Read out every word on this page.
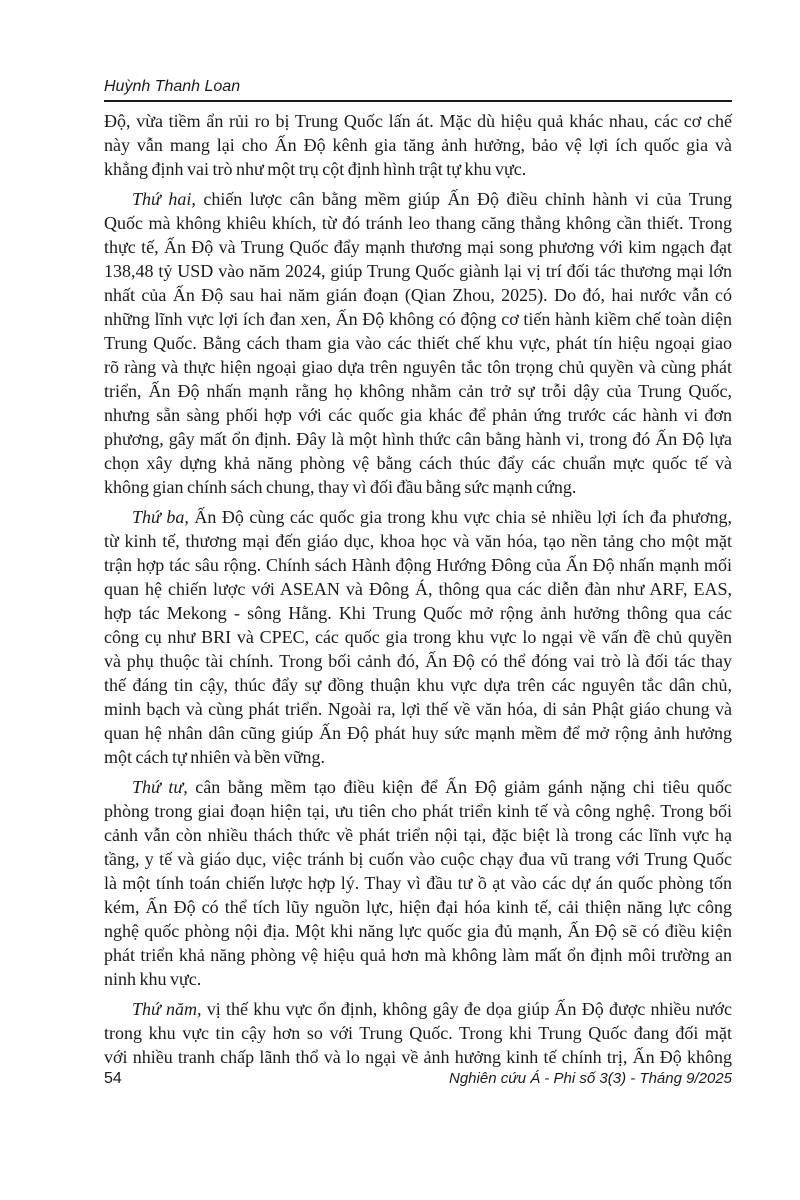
Huỳnh Thanh Loan

Độ, vừa tiềm ẩn rủi ro bị Trung Quốc lấn át. Mặc dù hiệu quả khác nhau, các cơ chế
này vẫn mang lại cho Ấn Độ kênh gia tăng ảnh hưởng, bảo vệ lợi ích quốc gia và
khẳng định vai trò như một trụ cột định hình trật tự khu vực.

Thứ hai, chiến lược cân bằng mềm giúp Ấn Độ điều chỉnh hành vi của Trung
Quốc mà không khiêu khích, từ đó tránh leo thang căng thẳng không cần thiết. Trong
thực tế, Ấn Độ và Trung Quốc đẩy mạnh thương mại song phương với kim ngạch đạt
138,48 tỷ USD vào năm 2024, giúp Trung Quốc giành lại vị trí đối tác thương mại lớn
nhất của Ấn Độ sau hai năm gián đoạn (Qian Zhou, 2025). Do đó, hai nước vẫn có
những lĩnh vực lợi ích đan xen, Ấn Độ không có động cơ tiến hành kiềm chế toàn diện
Trung Quốc. Bằng cách tham gia vào các thiết chế khu vực, phát tín hiệu ngoại giao
rõ ràng và thực hiện ngoại giao dựa trên nguyên tắc tôn trọng chủ quyền và cùng phát
triển, Ấn Độ nhấn mạnh rằng họ không nhằm cản trở sự trỗi dậy của Trung Quốc,
nhưng sẵn sàng phối hợp với các quốc gia khác để phản ứng trước các hành vi đơn
phương, gây mất ổn định. Đây là một hình thức cân bằng hành vi, trong đó Ấn Độ lựa
chọn xây dựng khả năng phòng vệ bằng cách thúc đẩy các chuẩn mực quốc tế và
không gian chính sách chung, thay vì đối đầu bằng sức mạnh cứng.

Thứ ba, Ấn Độ cùng các quốc gia trong khu vực chia sẻ nhiều lợi ích đa phương,
từ kinh tế, thương mại đến giáo dục, khoa học và văn hóa, tạo nền tảng cho một mặt
trận hợp tác sâu rộng. Chính sách Hành động Hướng Đông của Ấn Độ nhấn mạnh mối
quan hệ chiến lược với ASEAN và Đông Á, thông qua các diễn đàn như ARF, EAS,
hợp tác Mekong - sông Hằng. Khi Trung Quốc mở rộng ảnh hưởng thông qua các
công cụ như BRI và CPEC, các quốc gia trong khu vực lo ngại về vấn đề chủ quyền
và phụ thuộc tài chính. Trong bối cảnh đó, Ấn Độ có thể đóng vai trò là đối tác thay
thế đáng tin cậy, thúc đẩy sự đồng thuận khu vực dựa trên các nguyên tắc dân chủ,
minh bạch và cùng phát triển. Ngoài ra, lợi thế về văn hóa, di sản Phật giáo chung và
quan hệ nhân dân cũng giúp Ấn Độ phát huy sức mạnh mềm để mở rộng ảnh hưởng
một cách tự nhiên và bền vững.

Thứ tư, cân bằng mềm tạo điều kiện để Ấn Độ giảm gánh nặng chi tiêu quốc
phòng trong giai đoạn hiện tại, ưu tiên cho phát triển kinh tế và công nghệ. Trong bối
cảnh vẫn còn nhiều thách thức về phát triển nội tại, đặc biệt là trong các lĩnh vực hạ
tầng, y tế và giáo dục, việc tránh bị cuốn vào cuộc chạy đua vũ trang với Trung Quốc
là một tính toán chiến lược hợp lý. Thay vì đầu tư ồ ạt vào các dự án quốc phòng tốn
kém, Ấn Độ có thể tích lũy nguồn lực, hiện đại hóa kinh tế, cải thiện năng lực công
nghệ quốc phòng nội địa. Một khi năng lực quốc gia đủ mạnh, Ấn Độ sẽ có điều kiện
phát triển khả năng phòng vệ hiệu quả hơn mà không làm mất ổn định môi trường an
ninh khu vực.

Thứ năm, vị thế khu vực ổn định, không gây đe dọa giúp Ấn Độ được nhiều nước
trong khu vực tin cậy hơn so với Trung Quốc. Trong khi Trung Quốc đang đối mặt
với nhiều tranh chấp lãnh thổ và lo ngại về ảnh hưởng kinh tế chính trị, Ấn Độ không

54	Nghiên cứu Á - Phi số 3(3) - Tháng 9/2025
